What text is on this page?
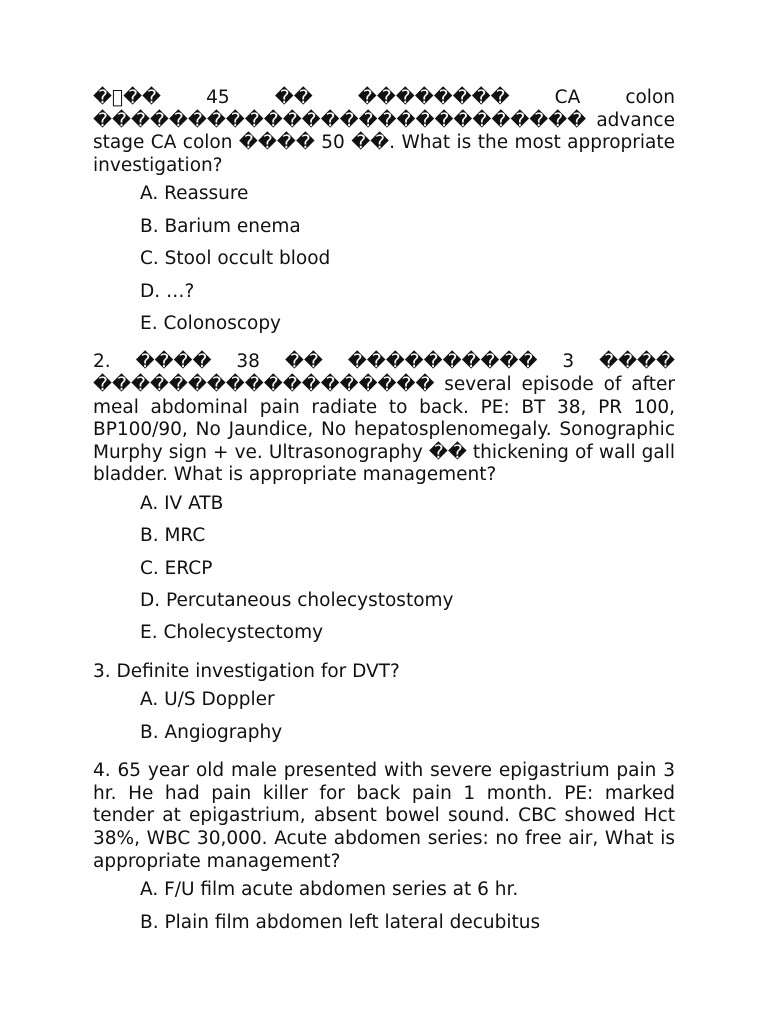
�้�� 45 �� �������� CA colon �������������������������� advance stage CA colon ���� 50 ��. What is the most appropriate investigation?

A. Reassure
B. Barium enema
C. Stool occult blood
D. …?
E. Colonoscopy

2. ���� 38 �� ���������� 3 ���� ������������������ several episode of after meal abdominal pain radiate to back. PE: BT 38, PR 100, BP100/90, No Jaundice, No hepatosplenomegaly. Sonographic Murphy sign + ve. Ultrasonography �� thickening of wall gall bladder. What is appropriate management?

A. IV ATB
B. MRC
C. ERCP
D. Percutaneous cholecystostomy
E. Cholecystectomy

3. Definite investigation for DVT?

A. U/S Doppler
B. Angiography

4. 65 year old male presented with severe epigastrium pain 3 hr. He had pain killer for back pain 1 month. PE: marked tender at epigastrium, absent bowel sound. CBC showed Hct 38%, WBC 30,000. Acute abdomen series: no free air, What is appropriate management?

A. F/U film acute abdomen series at 6 hr.
B. Plain film abdomen left lateral decubitus
